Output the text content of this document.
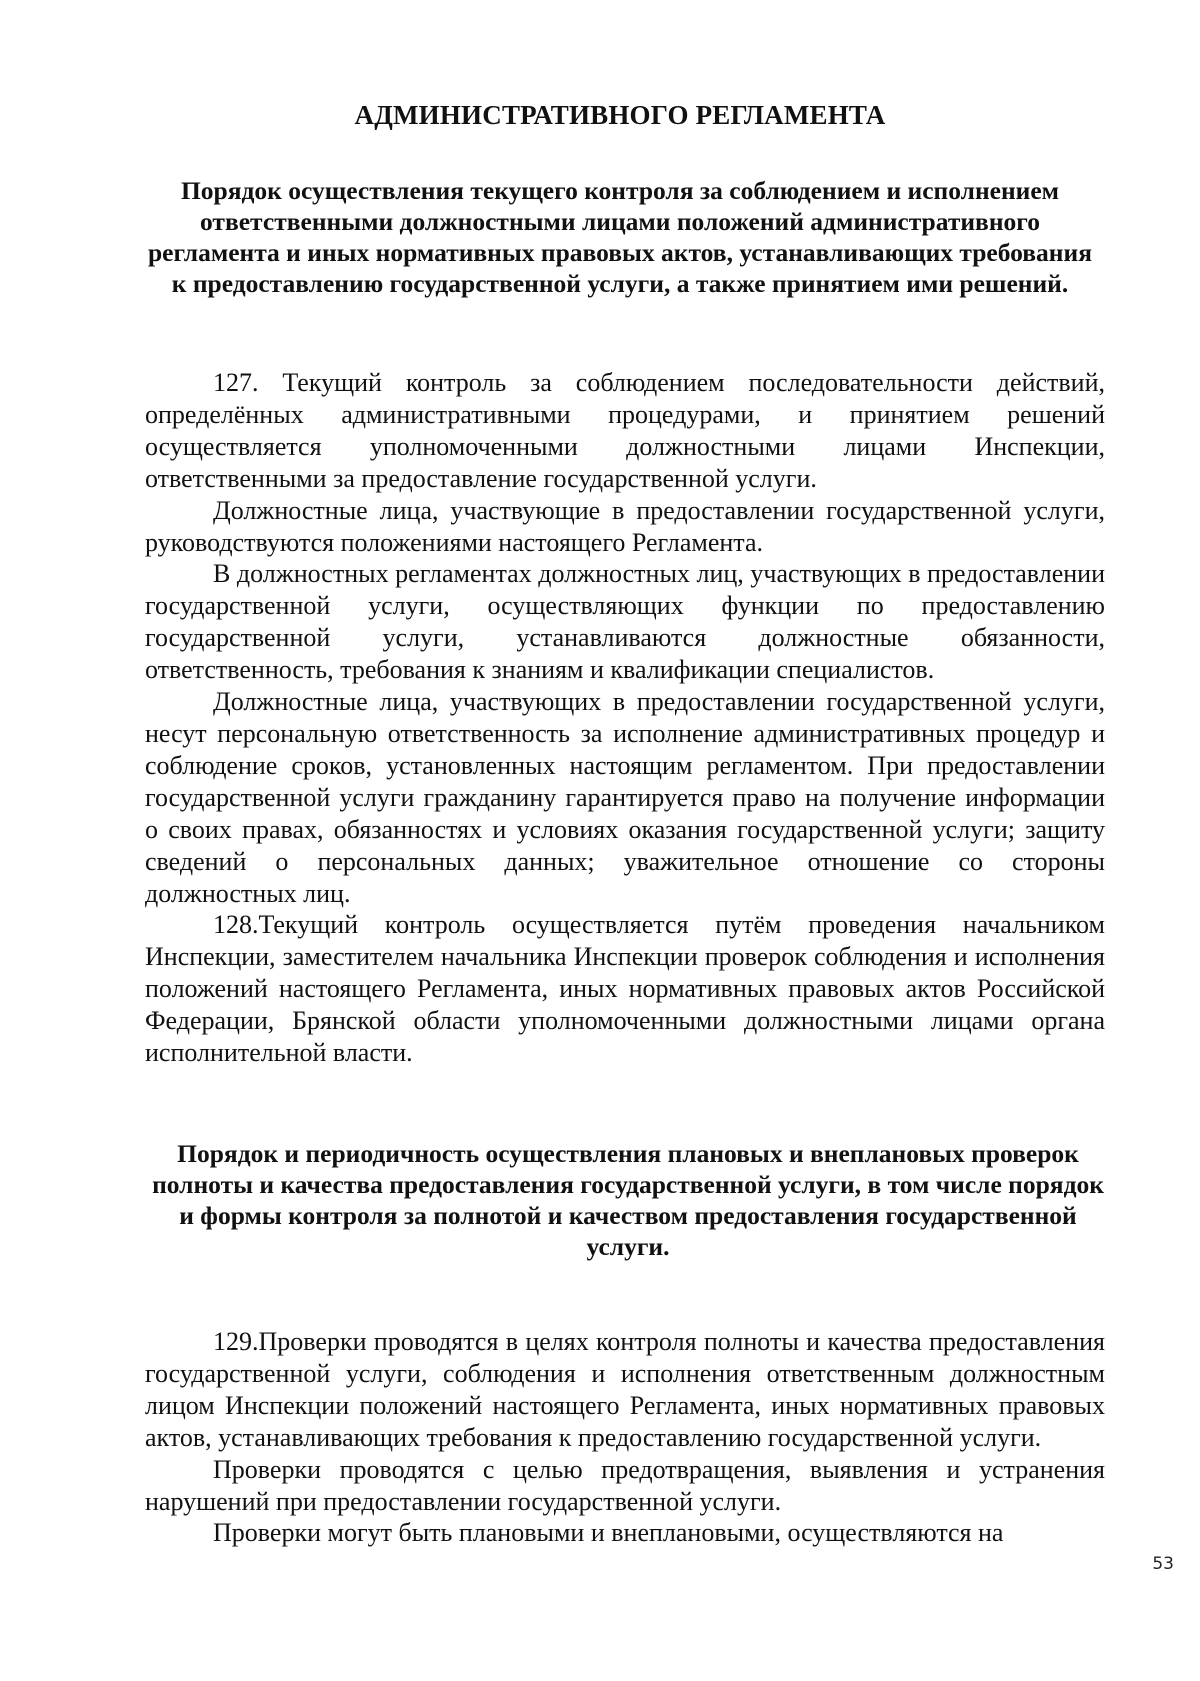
АДМИНИСТРАТИВНОГО РЕГЛАМЕНТА
Порядок осуществления текущего контроля за соблюдением и исполнением ответственными должностными лицами положений административного регламента и иных нормативных правовых актов, устанавливающих требования к предоставлению государственной услуги, а также принятием ими решений.

127. Текущий контроль за соблюдением последовательности действий, определённых административными процедурами, и принятием решений осуществляется уполномоченными должностными лицами Инспекции, ответственными за предоставление государственной услуги.

Должностные лица, участвующие в предоставлении государственной услуги, руководствуются положениями настоящего Регламента.

В должностных регламентах должностных лиц, участвующих в предоставлении государственной услуги, осуществляющих функции по предоставлению государственной услуги, устанавливаются должностные обязанности, ответственность, требования к знаниям и квалификации специалистов.

Должностные лица, участвующих в предоставлении государственной услуги, несут персональную ответственность за исполнение административных процедур и соблюдение сроков, установленных настоящим регламентом. При предоставлении государственной услуги гражданину гарантируется право на получение информации о своих правах, обязанностях и условиях оказания государственной услуги; защиту сведений о персональных данных; уважительное отношение со стороны должностных лиц.

128.Текущий контроль осуществляется путём проведения начальником Инспекции, заместителем начальника Инспекции проверок соблюдения и исполнения положений настоящего Регламента, иных нормативных правовых актов Российской Федерации, Брянской области уполномоченными должностными лицами органа исполнительной власти.

Порядок и периодичность осуществления плановых и внеплановых проверок полноты и качества предоставления государственной услуги, в том числе порядок и формы контроля за полнотой и качеством предоставления государственной услуги.

129.Проверки проводятся в целях контроля полноты и качества предоставления государственной услуги, соблюдения и исполнения ответственным должностным лицом Инспекции положений настоящего Регламента, иных нормативных правовых актов, устанавливающих требования к предоставлению государственной услуги.

Проверки проводятся с целью предотвращения, выявления и устранения нарушений при предоставлении государственной услуги.

Проверки могут быть плановыми и внеплановыми, осуществляются на

53
